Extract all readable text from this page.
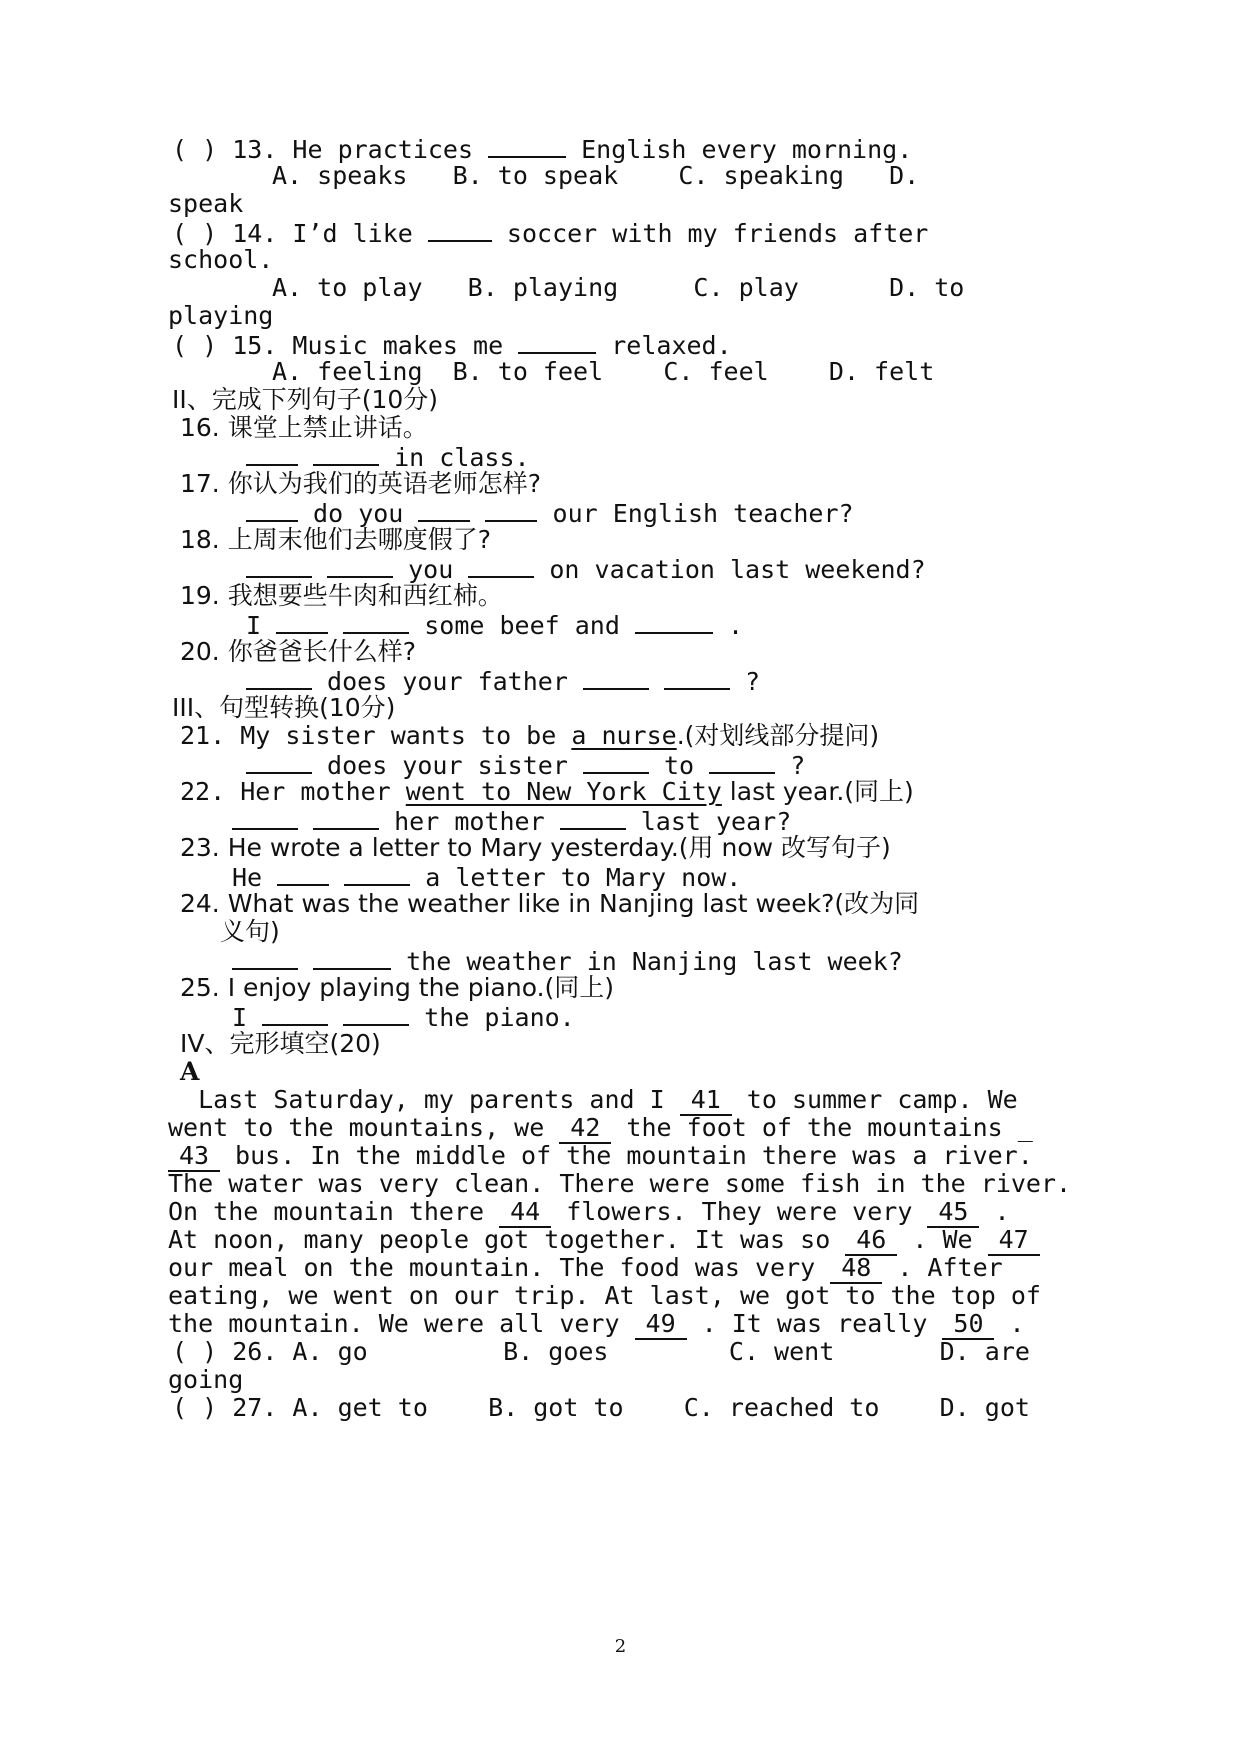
( ) 13. He practices	English every morning.
A. speaks   B. to speak    C. speaking   D.
speak
( ) 14. I’d like	soccer with my friends after
school.
A. to play   B. playing     C. play      D. to
playing
( ) 15. Music makes me	relaxed.
A. feeling  B. to feel    C. feel    D. felt
II、完成下列句子(10分)
16. 课堂上禁止讲话。
in class.
17. 你认为我们的英语老师怎样?
do you	our English teacher?
18. 上周末他们去哪度假了?
you	on vacation last weekend?
19. 我想要些牛肉和西红柿。
I	some beef and	.
20. 你爸爸长什么样?
does your father	?
III、句型转换(10分)
21. My sister wants to be a nurse.(对划线部分提问)
does your sister	to	?
22. Her mother went to New York City last year.(同上)
her mother	last year?
23. He wrote a letter to Mary yesterday.(用 now 改写句子)
He	a letter to Mary now.
24. What was the weather like in Nanjing last week?(改为同
义句)
the weather in Nanjing last week?
25. I enjoy playing the piano.(同上)
I	the piano.
IV、完形填空(20)
A
Last Saturday, my parents and I 41 to summer camp. We
went to the mountains, we 42 the foot of the mountains _
43 bus. In the middle of the mountain there was a river.
The water was very clean. There were some fish in the river.
On the mountain there 44 flowers. They were very 45 .
At noon, many people got together. It was so 46 . We 47
our meal on the mountain. The food was very 48 . After
eating, we went on our trip. At last, we got to the top of
the mountain. We were all very 49 . It was really 50 .
( ) 26. A. go         B. goes        C. went       D. are
going
( ) 27. A. get to    B. got to    C. reached to    D. got
2
